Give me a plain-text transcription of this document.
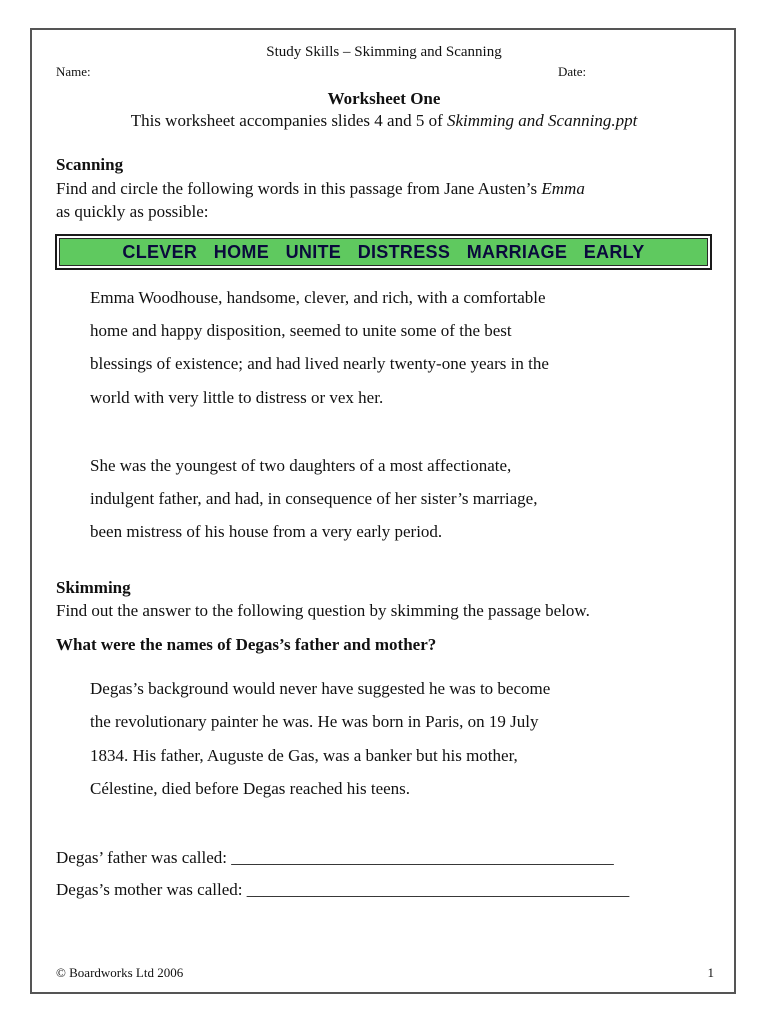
Study Skills – Skimming and Scanning
Name:	Date:
Worksheet One
This worksheet accompanies slides 4 and 5 of Skimming and Scanning.ppt
Scanning
Find and circle the following words in this passage from Jane Austen’s Emma
as quickly as possible:
CLEVER  HOME  UNITE  DISTRESS  MARRIAGE  EARLY
Emma Woodhouse, handsome, clever, and rich, with a comfortable
home and happy disposition, seemed to unite some of the best
blessings of existence; and had lived nearly twenty-one years in the
world with very little to distress or vex her.
She was the youngest of two daughters of a most affectionate,
indulgent father, and had, in consequence of her sister’s marriage,
been mistress of his house from a very early period.
Skimming
Find out the answer to the following question by skimming the passage below.
What were the names of Degas’s father and mother?
Degas’s background would never have suggested he was to become
the revolutionary painter he was. He was born in Paris, on 19 July
1834. His father, Auguste de Gas, was a banker but his mother,
Célestine, died before Degas reached his teens.
Degas’ father was called: _____________________________________________
Degas’s mother was called: _____________________________________________
© Boardworks Ltd 2006	1
